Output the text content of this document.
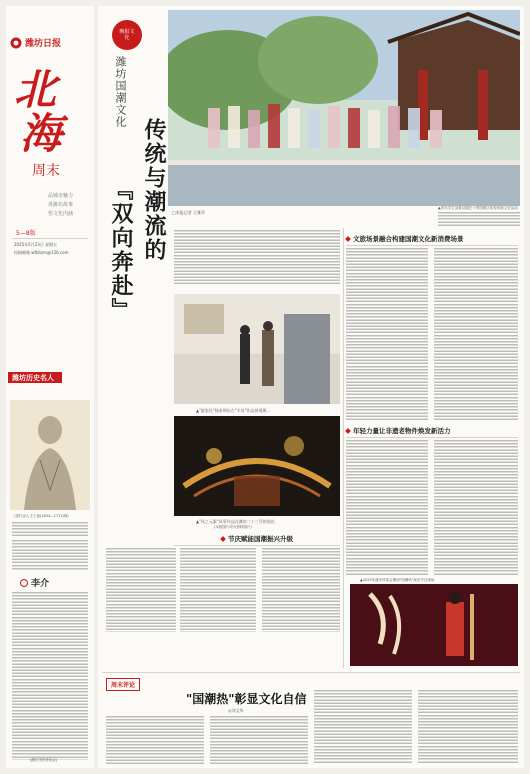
潍坊日报
北
海
周末
品城市魅力
讲潍坊故事
悟文化内涵
5—8版
2025年5月23日 星期五
投稿邮箱 wfbhzm@126.com
潍坊历史名人
《清代诗人王士祯(1634—1711)像》
李介
(潍坊市作家协会)
晚报文化
潍坊国潮文化
传统与潮流的
『双向奔赴』	□本报记者 王雅萍
▲青年学生身着汉服在十笏园街区体验传统文化活动
▲"霍家民"杨家埠仿古"半岛"作品展现潍...
▲"风之元素"风筝作品在潍坊二十三号馆展出
(本报图片均为资料图片)
文旅场景融合构建国潮文化新消费场景
年轻力量让非遗老物件焕发新活力
节庆赋能国潮振兴升级
▲2025年潍坊风筝会期间"国潮风"演出节目现场
周末评论
"国潮热"彰显文化自信
◎刘文华
